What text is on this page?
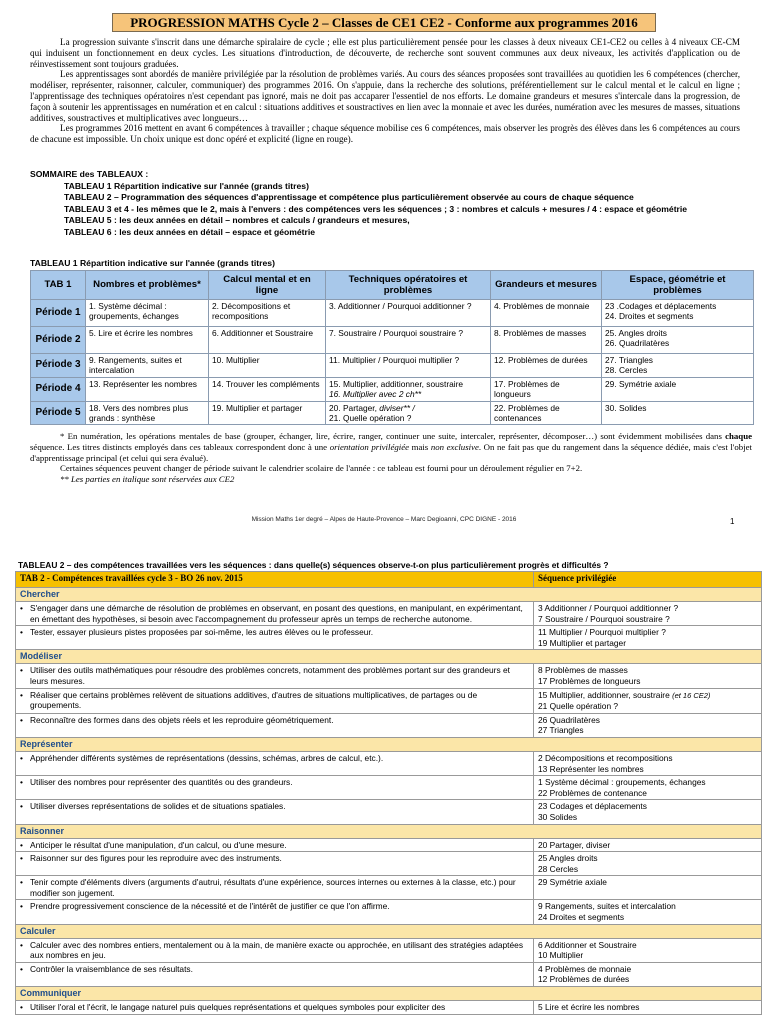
PROGRESSION MATHS Cycle 2 – Classes de CE1 CE2 - Conforme aux programmes 2016

La progression suivante s'inscrit dans une démarche spiralaire de cycle ; elle est plus particulièrement pensée pour les classes à deux niveaux CE1-CE2 ou celles à 4 niveaux CE-CM qui induisent un fonctionnement en deux cycles. Les situations d'introduction, de découverte, de recherche sont souvent communes aux deux niveaux, les activités d'application ou de réinvestissement sont toujours graduées.

Les apprentissages sont abordés de manière privilégiée par la résolution de problèmes variés. Au cours des séances proposées sont travaillées au quotidien les 6 compétences (chercher, modéliser, représenter, raisonner, calculer, communiquer) des programmes 2016. On s'appuie, dans la recherche des solutions, préférentiellement sur le calcul mental et le calcul en ligne ; l'apprentissage des techniques opératoires n'est cependant pas ignoré, mais ne doit pas accaparer l'essentiel de nos efforts. Le domaine grandeurs et mesures s'intercale dans la progression, de façon à soutenir les apprentissages en numération et en calcul : situations additives et soustractives en lien avec la monnaie et avec les durées, numération avec les mesures de masses, situations additives, soustractives et multiplicatives avec longueurs…

Les programmes 2016 mettent en avant 6 compétences à travailler ; chaque séquence mobilise ces 6 compétences, mais observer les progrès des élèves dans les 6 compétences au cours de chacune est impossible. Un choix unique est donc opéré et explicité (ligne en rouge).

SOMMAIRE des TABLEAUX :

TABLEAU 1 Répartition indicative sur l'année (grands titres)

TABLEAU 2 – Programmation des séquences d'apprentissage et compétence plus particulièrement observée au cours de chaque séquence

TABLEAU 3 et 4 - les mêmes que le 2, mais à l'envers : des compétences vers les séquences ; 3 : nombres et calculs + mesures / 4 : espace et géométrie

TABLEAU 5 : les deux années en détail – nombres et calculs / grandeurs et mesures,

TABLEAU 6 : les deux années en détail – espace et géométrie

TABLEAU 1 Répartition indicative sur l'année (grands titres)
TAB 1	Nombres et problèmes*	Calcul mental et en ligne	Techniques opératoires et problèmes	Grandeurs et mesures	Espace, géométrie et problèmes
Période 1	1. Système décimal : groupements, échanges	2. Décompositions et recompositions	3. Additionner / Pourquoi additionner ?	4. Problèmes de monnaie	23 .Codages et déplacements
24. Droites et segments

Période 2	5. Lire et écrire les nombres	6. Additionner et Soustraire	7. Soustraire / Pourquoi soustraire ?	8. Problèmes de masses	25. Angles droits
26. Quadrilatères

Période 3	9. Rangements, suites et intercalation	10. Multiplier	11. Multiplier / Pourquoi multiplier ?	12. Problèmes de durées	27. Triangles
28. Cercles

Période 4	13. Représenter les nombres	14. Trouver les compléments	15. Multiplier, additionner, soustraire
16. Multiplier avec 2 ch**	17. Problèmes de longueurs	29. Symétrie axiale

Période 5	18. Vers des nombres plus grands : synthèse	19. Multiplier et partager	20. Partager, diviser** /
21. Quelle opération ?	22. Problèmes de contenances	30. Solides

* En numération, les opérations mentales de base (grouper, échanger, lire, écrire, ranger, continuer une suite, intercaler, représenter, décomposer…) sont évidemment mobilisées dans chaque séquence. Les titres distincts employés dans ces tableaux correspondent donc à une orientation privilégiée mais non exclusive. On ne fait pas que du rangement dans la séquence dédiée, mais c'est l'objet d'apprentissage principal (et celui qui sera évalué).

Certaines séquences peuvent changer de période suivant le calendrier scolaire de l'année : ce tableau est fourni pour un déroulement régulier en 7+2.

** Les parties en italique sont réservées aux CE2

Mission Maths 1er degré – Alpes de Haute-Provence – Marc Degioanni, CPC DIGNE - 2016	1
TABLEAU 2 – des compétences travaillées vers les séquences : dans quelle(s) séquences observe-t-on plus particulièrement progrès et difficultés ?
TAB 2 - Compétences travaillées cycle 3 - BO 26 nov. 2015	Séquence privilégiée
Chercher	

• S'engager dans une démarche de résolution de problèmes en observant, en posant des questions, en manipulant, en expérimentant, en émettant des hypothèses, si besoin avec l'accompagnement du professeur après un temps de recherche autonome.	3 Additionner / Pourquoi additionner ?
7 Soustraire / Pourquoi soustraire ?

• Tester, essayer plusieurs pistes proposées par soi-même, les autres élèves ou le professeur.	11 Multiplier / Pourquoi multiplier ?
19 Multiplier et partager

Modéliser	

• Utiliser des outils mathématiques pour résoudre des problèmes concrets, notamment des problèmes portant sur des grandeurs et leurs mesures.	8 Problèmes de masses
17 Problèmes de longueurs

• Réaliser que certains problèmes relèvent de situations additives, d'autres de situations multiplicatives, de partages ou de groupements.	15 Multiplier, additionner, soustraire (et 16 CE2)
21 Quelle opération ?

• Reconnaître des formes dans des objets réels et les reproduire géométriquement.	26 Quadrilatères
27 Triangles

Représenter	

• Appréhender différents systèmes de représentations (dessins, schémas, arbres de calcul, etc.).	2 Décompositions et recompositions
13 Représenter les nombres

• Utiliser des nombres pour représenter des quantités ou des grandeurs.	1 Système décimal : groupements, échanges
22 Problèmes de contenance

• Utiliser diverses représentations de solides et de situations spatiales.	23 Codages et déplacements
30 Solides

Raisonner	

• Anticiper le résultat d'une manipulation, d'un calcul, ou d'une mesure.	20 Partager, diviser

• Raisonner sur des figures pour les reproduire avec des instruments.	25 Angles droits
28 Cercles

• Tenir compte d'éléments divers (arguments d'autrui, résultats d'une expérience, sources internes ou externes à la classe, etc.) pour modifier son jugement.	29 Symétrie axiale

• Prendre progressivement conscience de la nécessité et de l'intérêt de justifier ce que l'on affirme.	9 Rangements, suites et intercalation
24 Droites et segments

Calculer	

• Calculer avec des nombres entiers, mentalement ou à la main, de manière exacte ou approchée, en utilisant des stratégies adaptées aux nombres en jeu.	6 Additionner et Soustraire
10 Multiplier

• Contrôler la vraisemblance de ses résultats.	4 Problèmes de monnaie
12 Problèmes de durées

Communiquer	

• Utiliser l'oral et l'écrit, le langage naturel puis quelques représentations et quelques symboles pour expliciter des	5 Lire et écrire les nombres
